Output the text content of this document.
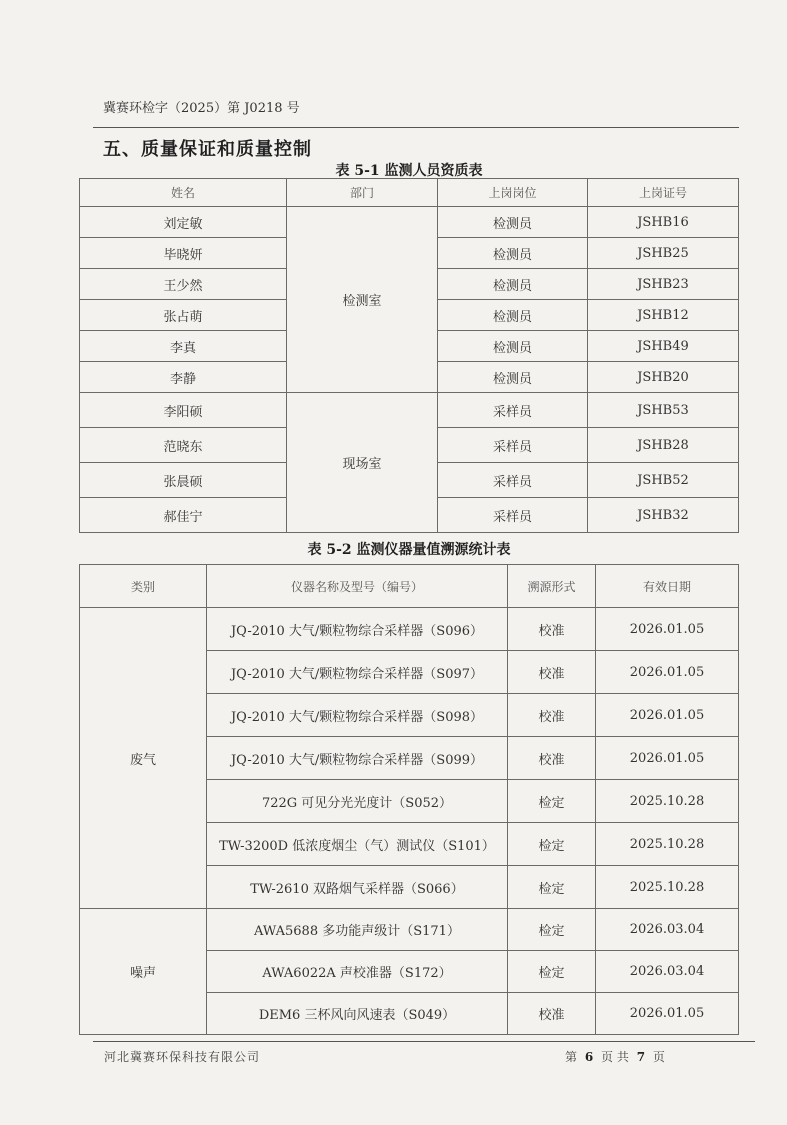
冀赛环检字（2025）第 J0218 号
五、质量保证和质量控制
表 5-1 监测人员资质表
姓名	部门	上岗岗位	上岗证号
刘定敏	检测室	检测员	JSHB16
毕晓妍		检测员	JSHB25
王少然		检测员	JSHB23
张占萌		检测员	JSHB12
李真		检测员	JSHB49
李静		检测员	JSHB20
李阳硕	现场室	采样员	JSHB53
范晓东		采样员	JSHB28
张晨硕		采样员	JSHB52
郝佳宁		采样员	JSHB32
表 5-2 监测仪器量值溯源统计表
类别	仪器名称及型号（编号）	溯源形式	有效日期
废气	JQ-2010 大气/颗粒物综合采样器（S096）	校准	2026.01.05
	JQ-2010 大气/颗粒物综合采样器（S097）	校准	2026.01.05
	JQ-2010 大气/颗粒物综合采样器（S098）	校准	2026.01.05
	JQ-2010 大气/颗粒物综合采样器（S099）	校准	2026.01.05
	722G 可见分光光度计（S052）	检定	2025.10.28
	TW-3200D 低浓度烟尘（气）测试仪（S101）	检定	2025.10.28
	TW-2610 双路烟气采样器（S066）	检定	2025.10.28
噪声	AWA5688 多功能声级计（S171）	检定	2026.03.04
	AWA6022A 声校准器（S172）	检定	2026.03.04
	DEM6 三杯风向风速表（S049）	校准	2026.01.05
河北冀赛环保科技有限公司	第 6 页 共 7 页
